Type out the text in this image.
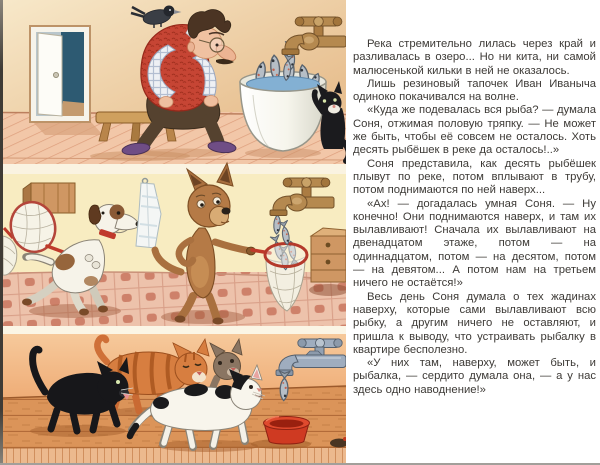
Река стремительно лилась через край и разливалась в озеро... Но ни кита, ни самой малюсенькой кильки в ней не оказалось.

Лишь резиновый тапочек Иван Иваныча одиноко покачивался на волне.

«Куда же подевалась вся рыба? — думала Соня, отжимая половую тряпку. — Не может же быть, чтобы её совсем не осталось. Хоть десять рыбёшек в реке да осталось!..»

Соня представила, как десять рыбёшек плывут по реке, потом вплывают в трубу, потом поднимаются по ней наверх...

«Ах! — догадалась умная Соня. — Ну конечно! Они поднимаются наверх, и там их вылавливают! Сначала их вылавливают на двенадцатом этаже, потом — на одиннадцатом, потом — на десятом, потом — на девятом... А потом нам на третьем ничего не остаётся!»

Весь день Соня думала о тех жадинах наверху, которые сами вылавливают всю рыбку, а другим ничего не оставляют, и пришла к выводу, что устраивать рыбалку в квартире бесполезно.

«У них там, наверху, может быть, и рыбалка, — сердито думала она, — а у нас здесь одно наводнение!»
